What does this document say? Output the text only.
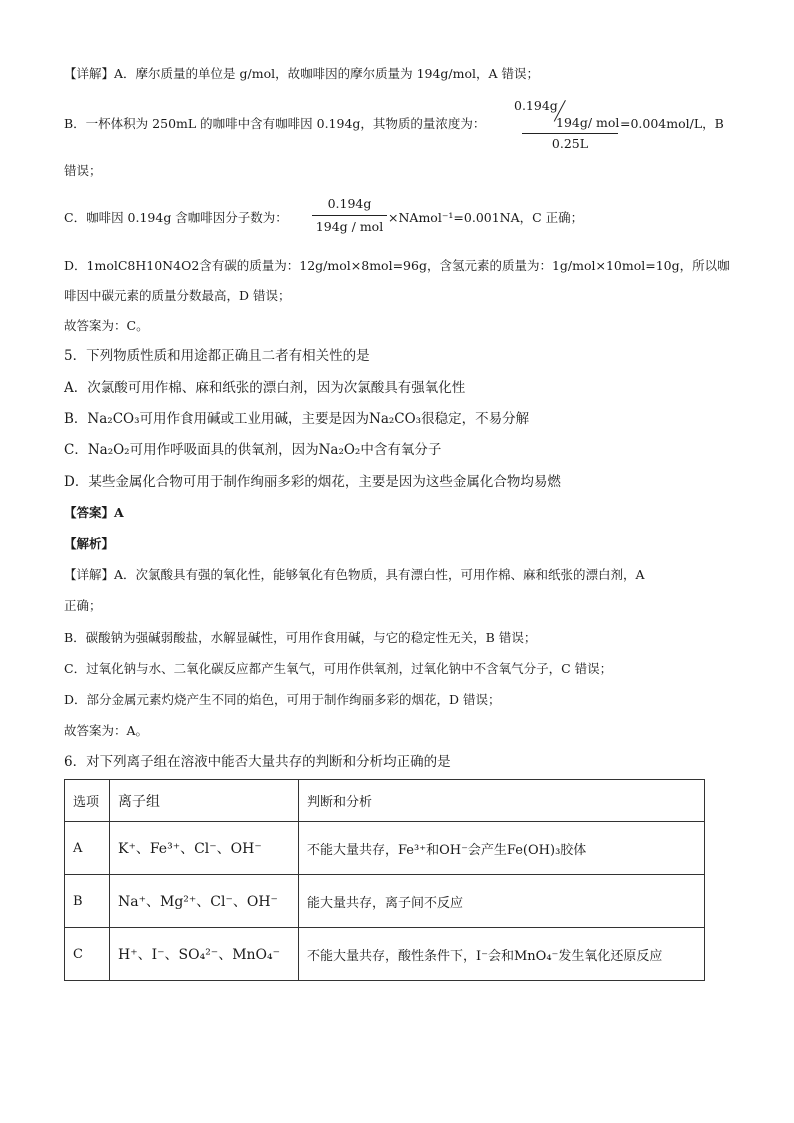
【详解】A．摩尔质量的单位是 g/mol，故咖啡因的摩尔质量为 194g/mol，A 错误；
B．一杯体积为 250mL 的咖啡中含有咖啡因 0.194g，其物质的量浓度为：
0.194g
194g/ mol
0.25L
=0.004mol/L，B
错误；
C．咖啡因 0.194g 含咖啡因分子数为：
0.194g
194g / mol
×NAmol⁻¹=0.001NA，C 正确；
D．1molC8H10N4O2含有碳的质量为：12g/mol×8mol=96g，含氢元素的质量为：1g/mol×10mol=10g，所以咖
啡因中碳元素的质量分数最高，D 错误；
故答案为：C。
5．下列物质性质和用途都正确且二者有相关性的是
A．次氯酸可用作棉、麻和纸张的漂白剂，因为次氯酸具有强氧化性
B．Na₂CO₃可用作食用碱或工业用碱，主要是因为Na₂CO₃很稳定，不易分解
C．Na₂O₂可用作呼吸面具的供氧剂，因为Na₂O₂中含有氧分子
D．某些金属化合物可用于制作绚丽多彩的烟花，主要是因为这些金属化合物均易燃
【答案】A
【解析】
【详解】A．次氯酸具有强的氧化性，能够氧化有色物质，具有漂白性，可用作棉、麻和纸张的漂白剂，A
正确；
B．碳酸钠为强碱弱酸盐，水解显碱性，可用作食用碱，与它的稳定性无关，B 错误；
C．过氧化钠与水、二氧化碳反应都产生氧气，可用作供氧剂，过氧化钠中不含氧气分子，C 错误；
D．部分金属元素灼烧产生不同的焰色，可用于制作绚丽多彩的烟花，D 错误；
故答案为：A。
6．对下列离子组在溶液中能否大量共存的判断和分析均正确的是
选项	离子组	判断和分析
A	K⁺、Fe³⁺、Cl⁻、OH⁻	不能大量共存，Fe³⁺和OH⁻会产生Fe(OH)₃胶体
B	Na⁺、Mg²⁺、Cl⁻、OH⁻	能大量共存，离子间不反应
C	H⁺、I⁻、SO₄²⁻、MnO₄⁻	不能大量共存，酸性条件下，I⁻会和MnO₄⁻发生氧化还原反应
